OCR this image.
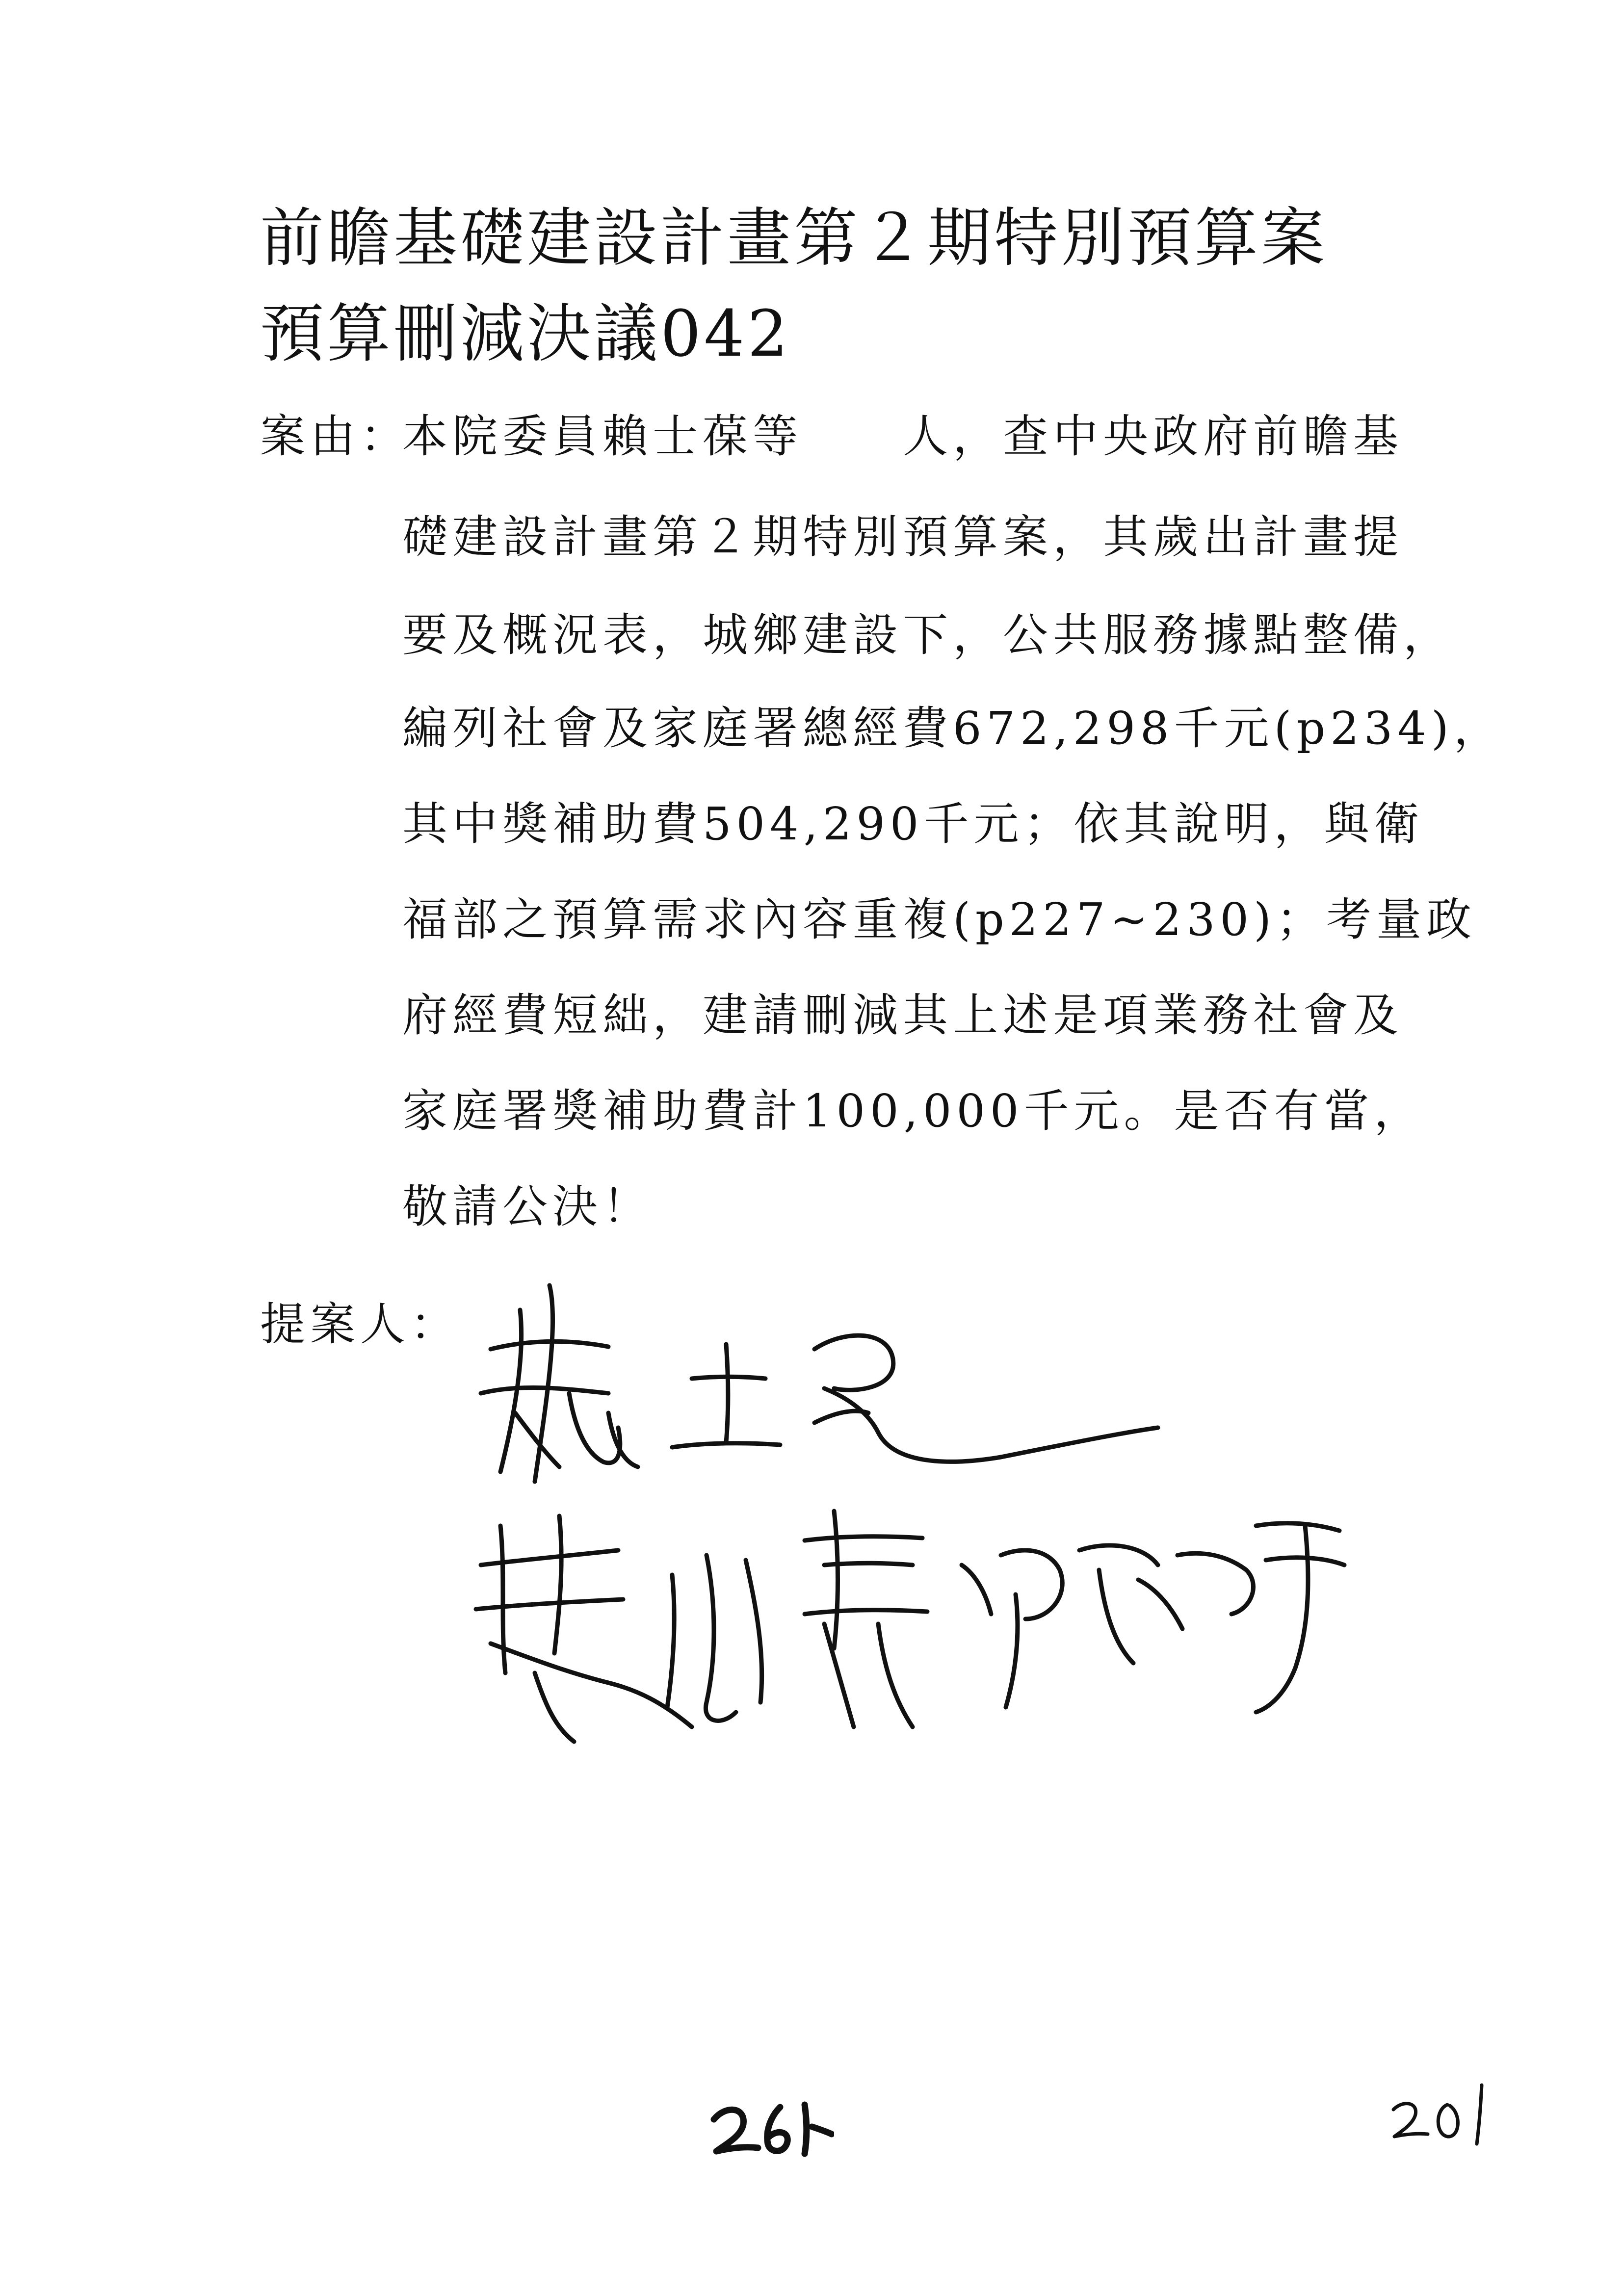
前瞻基礎建設計畫第２期特別預算案
預算刪減決議042
案由：
本院委員賴士葆等　　人，查中央政府前瞻基
礎建設計畫第２期特別預算案，其歲出計畫提
要及概況表，城鄉建設下，公共服務據點整備，
編列社會及家庭署總經費672,298千元(p234)，
其中獎補助費504,290千元；依其說明，與衛
福部之預算需求內容重複(p227~230)；考量政
府經費短絀，建請刪減其上述是項業務社會及
家庭署獎補助費計100,000千元。是否有當，
敬請公決！
提案人：
